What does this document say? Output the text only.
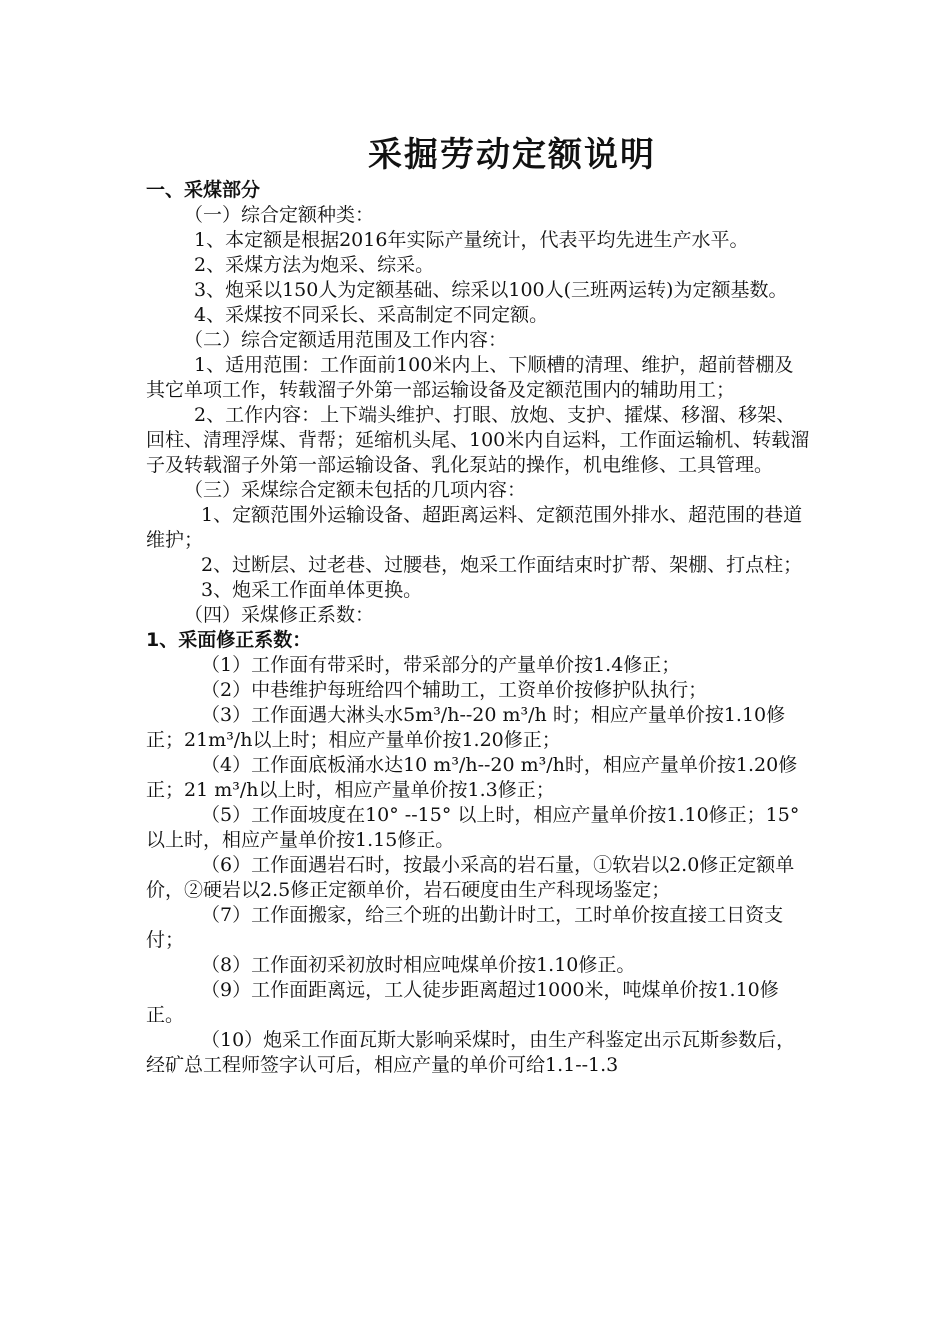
采掘劳动定额说明

一、采煤部分

（一）综合定额种类：

1、本定额是根据2016年实际产量统计，代表平均先进生产水平。

2、采煤方法为炮采、综采。

3、炮采以150人为定额基础、综采以100人(三班两运转)为定额基数。

4、采煤按不同采长、采高制定不同定额。

（二）综合定额适用范围及工作内容：

1、适用范围：工作面前100米内上、下顺槽的清理、维护，超前替棚及其它单项工作，转载溜子外第一部运输设备及定额范围内的辅助用工；

2、工作内容：上下端头维护、打眼、放炮、支护、攉煤、移溜、移架、回柱、清理浮煤、背帮；延缩机头尾、100米内自运料，工作面运输机、转载溜子及转载溜子外第一部运输设备、乳化泵站的操作，机电维修、工具管理。

（三）采煤综合定额未包括的几项内容：

1、定额范围外运输设备、超距离运料、定额范围外排水、超范围的巷道维护；

2、过断层、过老巷、过腰巷，炮采工作面结束时扩帮、架棚、打点柱；

3、炮采工作面单体更换。

（四）采煤修正系数：

1、采面修正系数：

（1）工作面有带采时，带采部分的产量单价按1.4修正；

（2）中巷维护每班给四个辅助工，工资单价按修护队执行；

（3）工作面遇大淋头水5m³/h--20 m³/h 时；相应产量单价按1.10修正；21m³/h以上时；相应产量单价按1.20修正；

（4）工作面底板涌水达10 m³/h--20 m³/h时，相应产量单价按1.20修正；21 m³/h以上时，相应产量单价按1.3修正；

（5）工作面坡度在10° --15° 以上时，相应产量单价按1.10修正；15° 以上时，相应产量单价按1.15修正。

（6）工作面遇岩石时，按最小采高的岩石量，①软岩以2.0修正定额单价，②硬岩以2.5修正定额单价，岩石硬度由生产科现场鉴定；

（7）工作面搬家，给三个班的出勤计时工，工时单价按直接工日资支付；

（8）工作面初采初放时相应吨煤单价按1.10修正。

（9）工作面距离远，工人徒步距离超过1000米，吨煤单价按1.10修正。

（10）炮采工作面瓦斯大影响采煤时，由生产科鉴定出示瓦斯参数后，经矿总工程师签字认可后，相应产量的单价可给1.1--1.3
